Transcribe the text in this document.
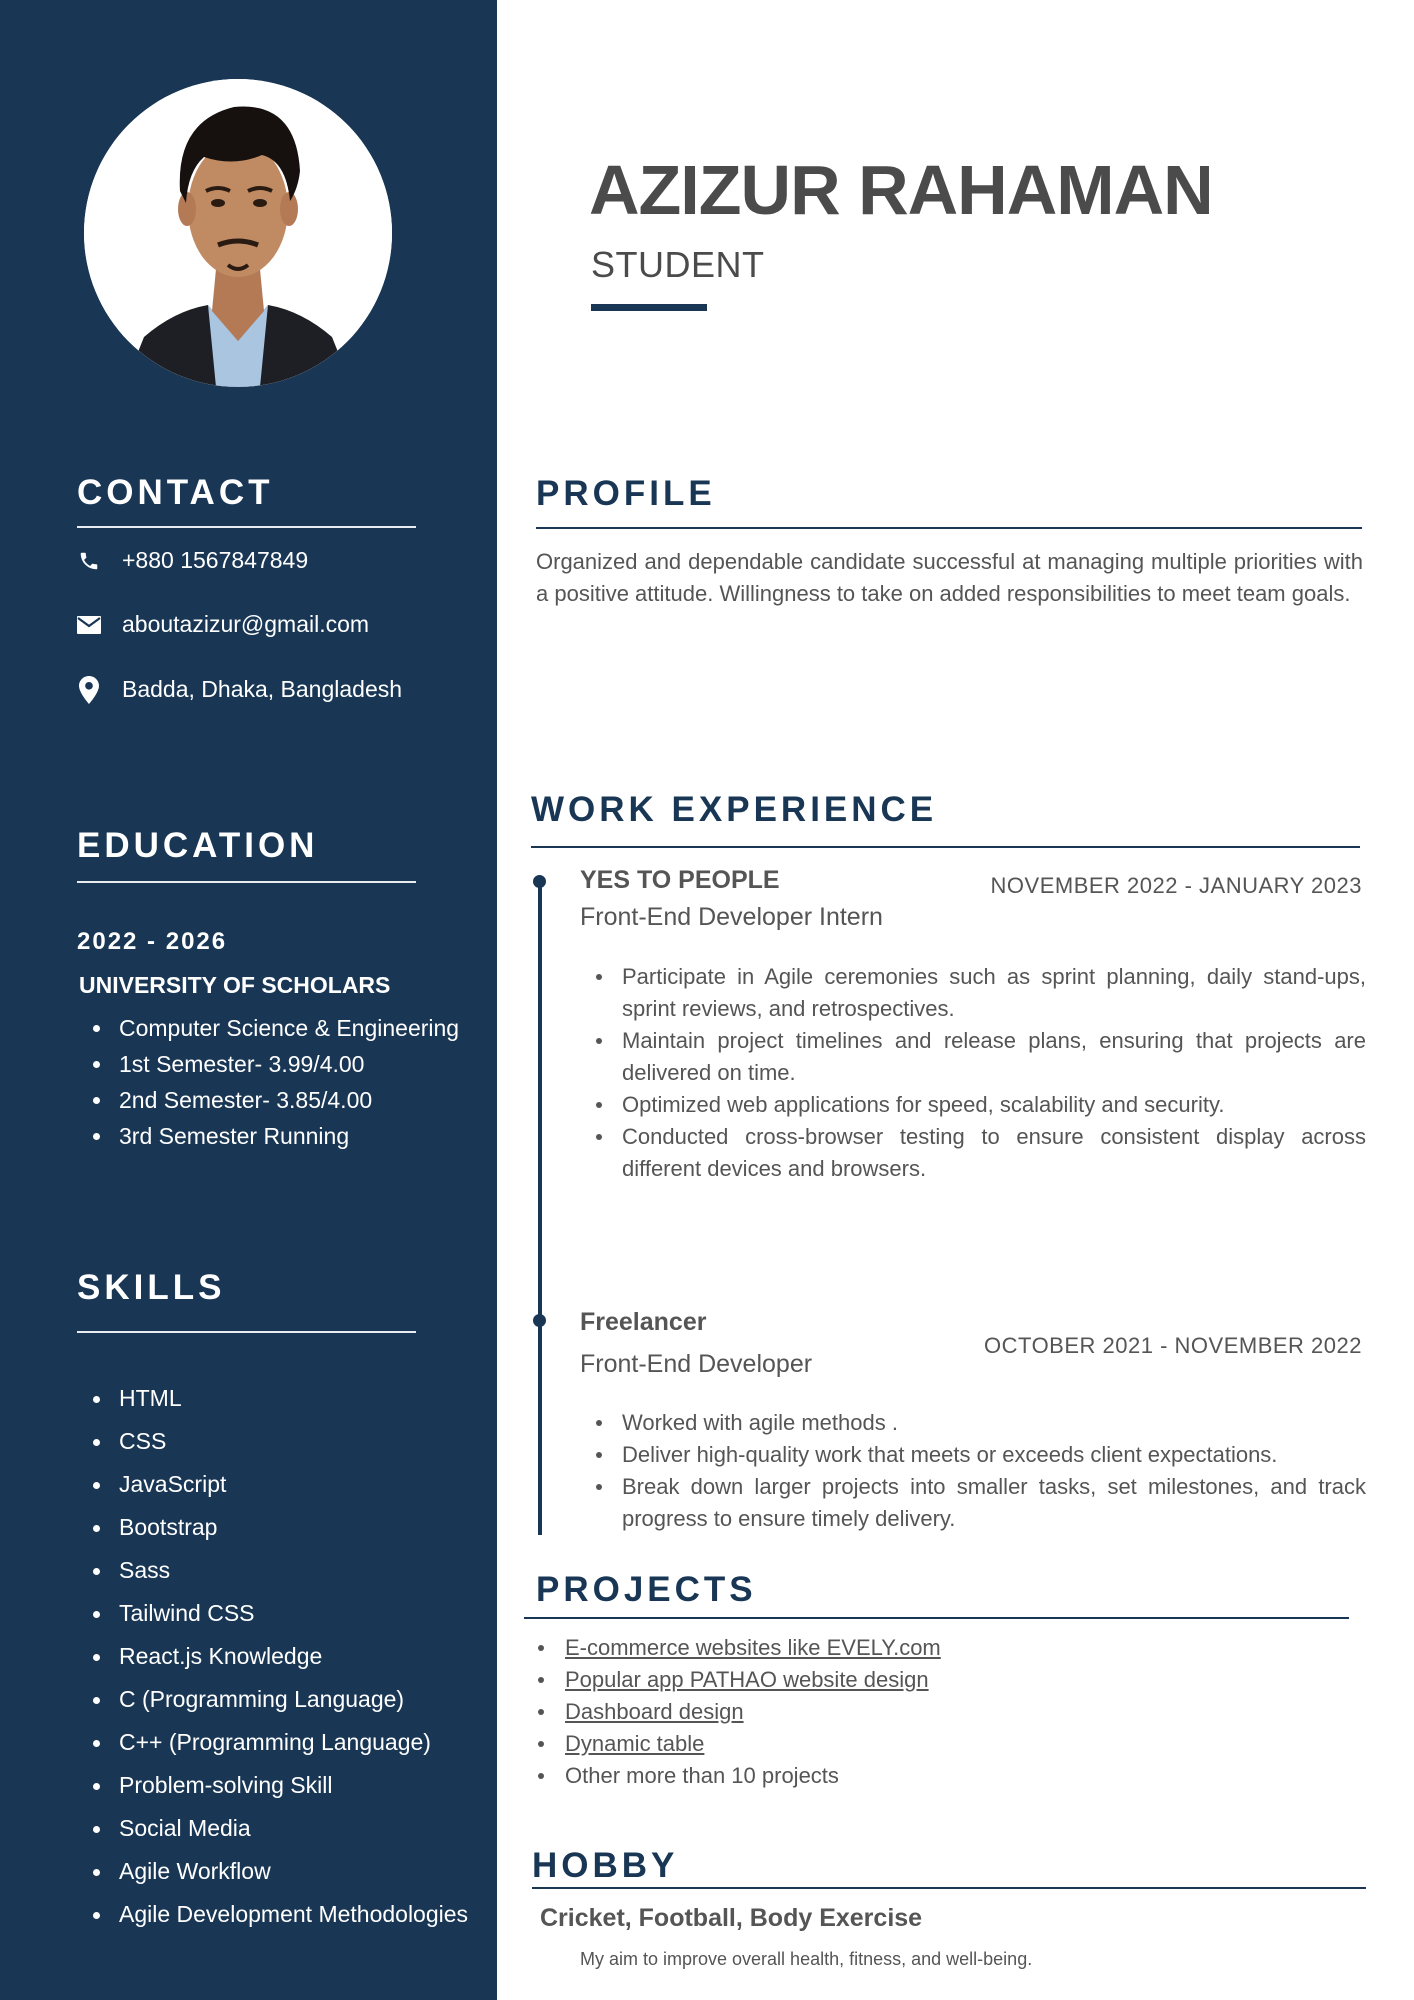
CONTACT
+880 1567847849
aboutazizur@gmail.com
Badda, Dhaka, Bangladesh
EDUCATION
2022 - 2026
UNIVERSITY OF SCHOLARS
Computer Science & Engineering
1st Semester- 3.99/4.00
2nd Semester- 3.85/4.00
3rd Semester Running
SKILLS
HTML
CSS
JavaScript
Bootstrap
Sass
Tailwind CSS
React.js Knowledge
C (Programming Language)
C++ (Programming Language)
Problem-solving Skill
Social Media
Agile Workflow
Agile Development Methodologies
AZIZUR RAHAMAN
STUDENT
PROFILE
Organized and dependable candidate successful at managing multiple priorities with a positive attitude. Willingness to take on added responsibilities to meet team goals.
WORK EXPERIENCE
YES TO PEOPLE
Front-End Developer Intern
NOVEMBER 2022 - JANUARY 2023
Participate in Agile ceremonies such as sprint planning, daily stand-ups, sprint reviews, and retrospectives.
Maintain project timelines and release plans, ensuring that projects are delivered on time.
Optimized web applications for speed, scalability and security.
Conducted cross-browser testing to ensure consistent display across different devices and browsers.
Freelancer
Front-End Developer
OCTOBER 2021 - NOVEMBER 2022
Worked with agile methods .
Deliver high-quality work that meets or exceeds client expectations.
Break down larger projects into smaller tasks, set milestones, and track progress to ensure timely delivery.
PROJECTS
E-commerce websites like EVELY.com
Popular app PATHAO website design
Dashboard design
Dynamic table
Other more than 10 projects
HOBBY
Cricket, Football, Body Exercise
My aim to improve overall health, fitness, and well-being.
